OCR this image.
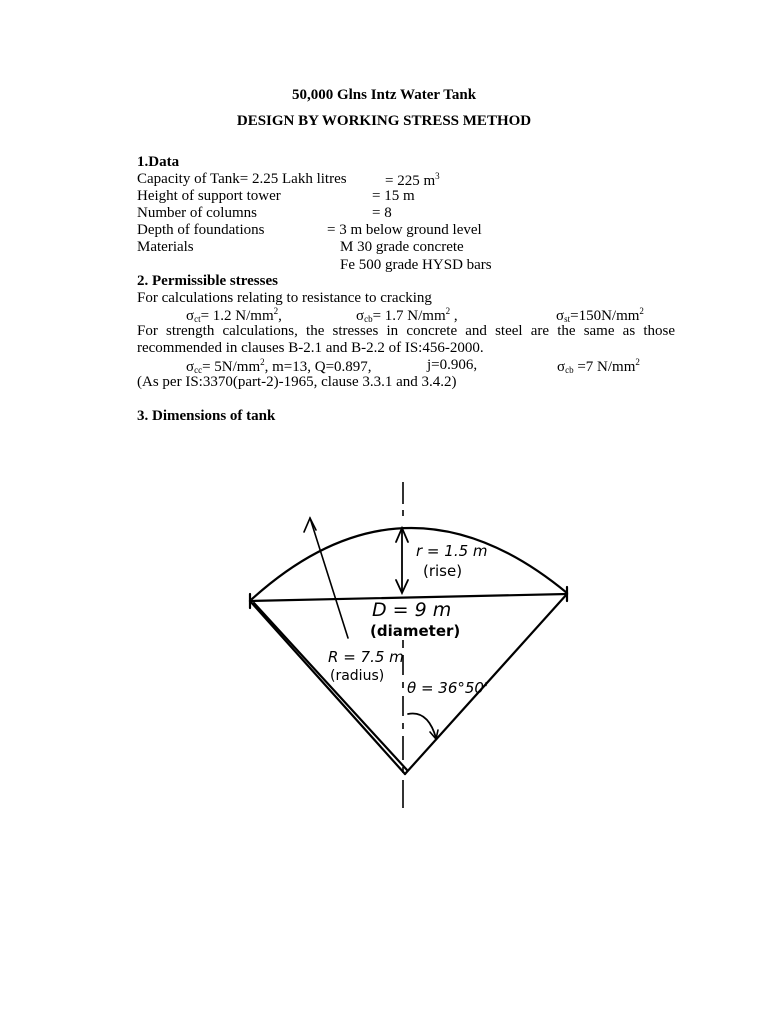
50,000 Glns Intz Water Tank
DESIGN BY WORKING STRESS METHOD
1.Data
Capacity of Tank= 2.25 Lakh litres	= 225 $m^3$
Height of support tower	= 15 m
Number of columns	= 8
Depth of foundations	= 3 m below ground level
Materials	M 30 grade concrete
Fe 500 grade HYSD bars
2. Permissible stresses
For calculations relating to resistance to cracking
$\sigma_{ct}= 1.2$ $N/mm^2$,	$\sigma_{cb}= 1.7$ $N/mm^2$ ,	$\sigma_{st}=150N/mm^2$
For strength calculations, the stresses in concrete and steel are the same as those
recommended in clauses B-2.1 and B-2.2 of IS:456-2000.
$\sigma_{cc}= 5N/mm^2$, m=13, Q=0.897,	j=0.906,	$\sigma_{cb} =7$ $N/mm^2$
(As per IS:3370(part-2)-1965, clause 3.3.1 and 3.4.2)
3. Dimensions of tank
r = 1.5 m
(rise)
D = 9 m
(diameter)
R = 7.5 m
(radius)
θ = 36°50'
